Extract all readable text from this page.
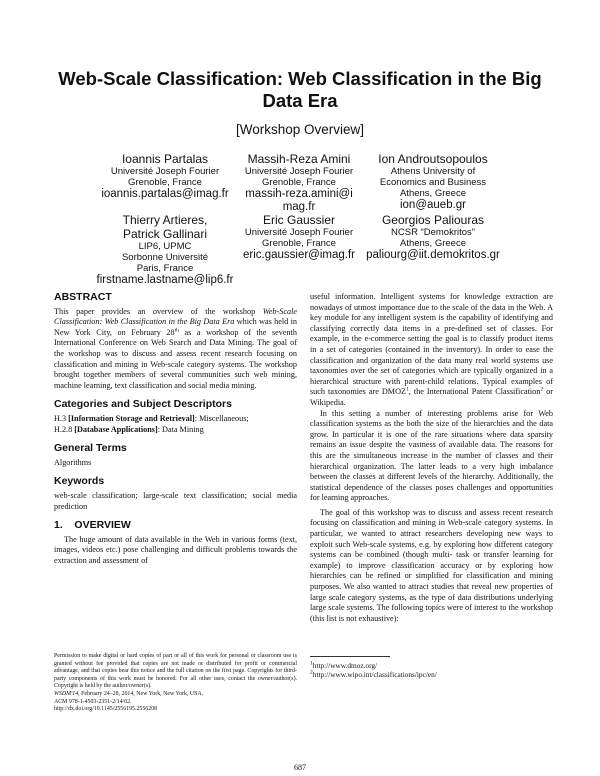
Web-Scale Classification: Web Classification in the Big Data Era
[Workshop Overview]
Ioannis Partalas
Université Joseph Fourier
Grenoble, France
ioannis.partalas@imag.fr
Massih-Reza Amini
Université Joseph Fourier
Grenoble, France
massih-reza.amini@imag.fr
Ion Androutsopoulos
Athens University of
Economics and Business
Athens, Greece
ion@aueb.gr
Thierry Artieres, Patrick Gallinari
LIP6, UPMC
Sorbonne Université
Paris, France
firstname.lastname@lip6.fr
Eric Gaussier
Université Joseph Fourier
Grenoble, France
eric.gaussier@imag.fr
Georgios Paliouras
NCSR “Demokritos”
Athens, Greece
paliourg@iit.demokritos.gr
ABSTRACT

This paper provides an overview of the workshop Web-Scale Classification: Web Classification in the Big Data Era which was held in New York City, on February 28th as a workshop of the seventh International Conference on Web Search and Data Mining. The goal of the workshop was to discuss and assess recent research focusing on classification and mining in Web-scale category systems. The workshop brought together members of several communities such web mining, machine learning, text classification and social media mining.

Categories and Subject Descriptors

H.3 [Information Storage and Retrieval]: Miscellaneous;
H.2.8 [Database Applications]: Data Mining

General Terms

Algorithms

Keywords

web-scale classification; large-scale text classification; social media prediction

1.    OVERVIEW

The huge amount of data available in the Web in various forms (text, images, videos etc.) pose challenging and difficult problems towards the extraction and assessment of

Permission to make digital or hard copies of part or all of this work for personal or classroom use is granted without fee provided that copies are not made or distributed for profit or commercial advantage, and that copies bear this notice and the full citation on the first page. Copyrights for third-party components of this work must be honored. For all other uses, contact the owner/author(s). Copyright is held by the author/owner(s).

WSDM'14, February 24–28, 2014, New York, New York, USA.

ACM 978-1-4503-2351-2/14/02.

http://dx.doi.org/10.1145/2556195.2556208

useful information. Intelligent systems for knowledge extraction are nowadays of utmost importance due to the scale of the data in the Web. A key module for any intelligent system is the capability of identifying and classifying correctly data items in a pre-defined set of classes. For example, in the e-commerce setting the goal is to classify product items in a set of categories (contained in the inventory). In order to ease the classification and organization of the data many real world systems use taxonomies over the set of categories which are typically organized in a hierarchical structure with parent-child relations. Typical examples of such taxonomies are DMOZ$^1$, the International Patent Classification$^2$ or Wikipedia.

In this setting a number of interesting problems arise for Web classification systems as the both the size of the hierarchies and the data grow. In particular it is one of the rare situations where data sparsity remains an issue despite the vastness of available data. The reasons for this are the simultaneous increase in the number of classes and their hierarchical organization. The latter leads to a very high imbalance between the classes at different levels of the hierarchy. Additionally, the statistical dependence of the classes poses challenges and opportunities for learning approaches.

The goal of this workshop was to discuss and assess recent research focusing on classification and mining in Web-scale category systems. In particular, we wanted to attract researchers developing new ways to exploit such Web-scale systems, e.g. by exploring how different category systems can be combined (though multi- task or transfer learning for example) to improve classification accuracy or by exploring how hierarchies can be refined or simplified for classification and mining purposes. We also wanted to attract studies that reveal new properties of large scale category systems, as the type of data distributions underlying large scale systems. The following topics were of interest to the workshop (this list is not exhaustive):

$^1$http://www.dmoz.org/

$^2$http://www.wipo.int/classifications/ipc/en/

687
